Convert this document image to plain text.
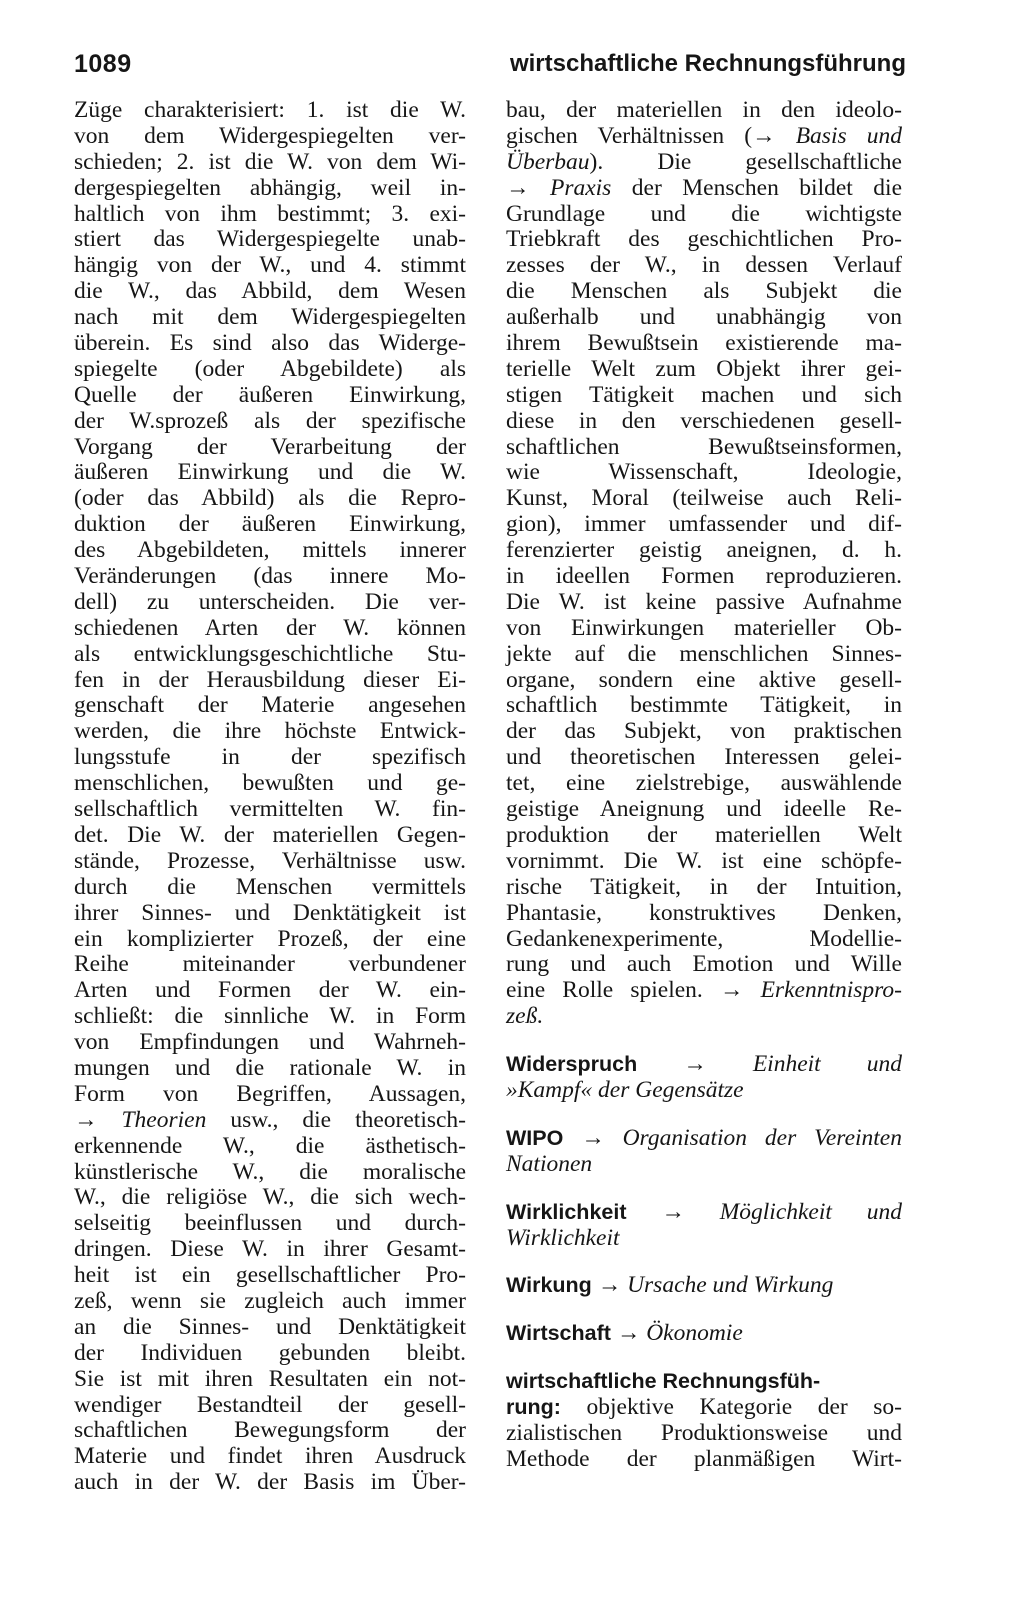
1089	wirtschaftliche Rechnungsführung
Züge charakterisiert: 1. ist die W.
von dem Widergespiegelten ver-
schieden; 2. ist die W. von dem Wi-
dergespiegelten abhängig, weil in-
haltlich von ihm bestimmt; 3. exi-
stiert das Widergespiegelte unab-
hängig von der W., und 4. stimmt
die W., das Abbild, dem Wesen
nach mit dem Widergespiegelten
überein. Es sind also das Widerge-
spiegelte (oder Abgebildete) als
Quelle der äußeren Einwirkung,
der W.sprozeß als der spezifische
Vorgang der Verarbeitung der
äußeren Einwirkung und die W.
(oder das Abbild) als die Repro-
duktion der äußeren Einwirkung,
des Abgebildeten, mittels innerer
Veränderungen (das innere Mo-
dell) zu unterscheiden. Die ver-
schiedenen Arten der W. können
als entwicklungsgeschichtliche Stu-
fen in der Herausbildung dieser Ei-
genschaft der Materie angesehen
werden, die ihre höchste Entwick-
lungsstufe in der spezifisch
menschlichen, bewußten und ge-
sellschaftlich vermittelten W. fin-
det. Die W. der materiellen Gegen-
stände, Prozesse, Verhältnisse usw.
durch die Menschen vermittels
ihrer Sinnes- und Denktätigkeit ist
ein komplizierter Prozeß, der eine
Reihe miteinander verbundener
Arten und Formen der W. ein-
schließt: die sinnliche W. in Form
von Empfindungen und Wahrneh-
mungen und die rationale W. in
Form von Begriffen, Aussagen,
→ Theorien usw., die theoretisch-
erkennende W., die ästhetisch-
künstlerische W., die moralische
W., die religiöse W., die sich wech-
selseitig beeinflussen und durch-
dringen. Diese W. in ihrer Gesamt-
heit ist ein gesellschaftlicher Pro-
zeß, wenn sie zugleich auch immer
an die Sinnes- und Denktätigkeit
der Individuen gebunden bleibt.
Sie ist mit ihren Resultaten ein not-
wendiger Bestandteil der gesell-
schaftlichen Bewegungsform der
Materie und findet ihren Ausdruck
auch in der W. der Basis im Über-
bau, der materiellen in den ideolo-
gischen Verhältnissen (→ Basis und
Überbau). Die gesellschaftliche
→ Praxis der Menschen bildet die
Grundlage und die wichtigste
Triebkraft des geschichtlichen Pro-
zesses der W., in dessen Verlauf
die Menschen als Subjekt die
außerhalb und unabhängig von
ihrem Bewußtsein existierende ma-
terielle Welt zum Objekt ihrer gei-
stigen Tätigkeit machen und sich
diese in den verschiedenen gesell-
schaftlichen Bewußtseinsformen,
wie Wissenschaft, Ideologie,
Kunst, Moral (teilweise auch Reli-
gion), immer umfassender und dif-
ferenzierter geistig aneignen, d. h.
in ideellen Formen reproduzieren.
Die W. ist keine passive Aufnahme
von Einwirkungen materieller Ob-
jekte auf die menschlichen Sinnes-
organe, sondern eine aktive gesell-
schaftlich bestimmte Tätigkeit, in
der das Subjekt, von praktischen
und theoretischen Interessen gelei-
tet, eine zielstrebige, auswählende
geistige Aneignung und ideelle Re-
produktion der materiellen Welt
vornimmt. Die W. ist eine schöpfe-
rische Tätigkeit, in der Intuition,
Phantasie, konstruktives Denken,
Gedankenexperimente, Modellie-
rung und auch Emotion und Wille
eine Rolle spielen. → Erkenntnispro-
zeß.
Widerspruch → Einheit und
»Kampf« der Gegensätze
WIPO → Organisation der Vereinten
Nationen
Wirklichkeit → Möglichkeit und
Wirklichkeit
Wirkung → Ursache und Wirkung
Wirtschaft → Ökonomie
wirtschaftliche Rechnungsfüh-
rung: objektive Kategorie der so-
zialistischen Produktionsweise und
Methode der planmäßigen Wirt-
